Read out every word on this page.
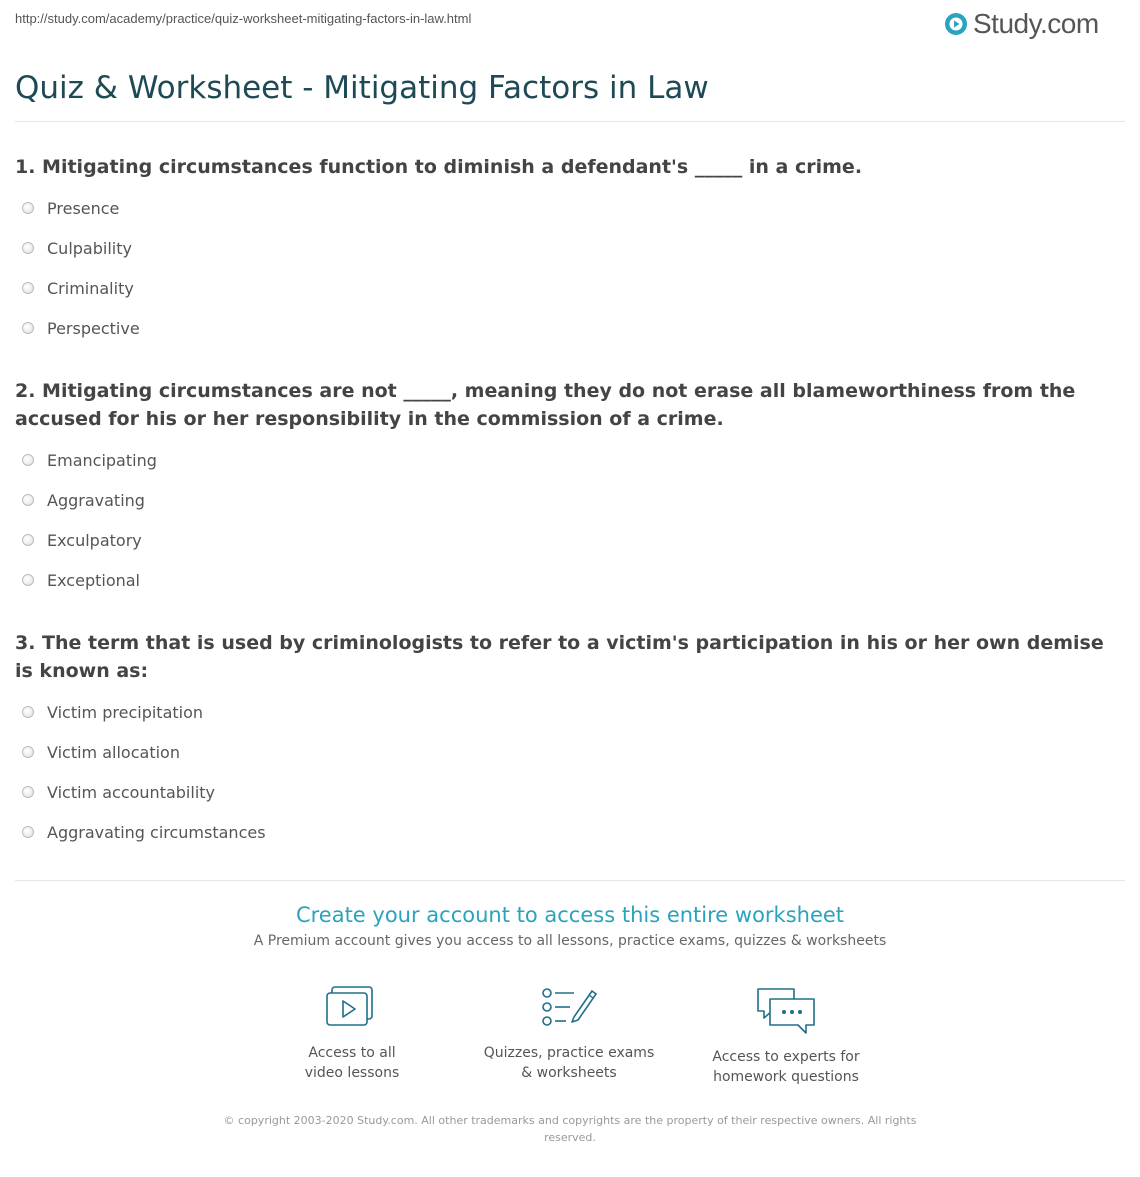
http://study.com/academy/practice/quiz-worksheet-mitigating-factors-in-law.html	Study.com
Quiz & Worksheet - Mitigating Factors in Law
1. Mitigating circumstances function to diminish a defendant's _____ in a crime.
Presence
Culpability
Criminality
Perspective
2. Mitigating circumstances are not _____, meaning they do not erase all blameworthiness from the accused for his or her responsibility in the commission of a crime.
Emancipating
Aggravating
Exculpatory
Exceptional
3. The term that is used by criminologists to refer to a victim's participation in his or her own demise is known as:
Victim precipitation
Victim allocation
Victim accountability
Aggravating circumstances
Create your account to access this entire worksheet
A Premium account gives you access to all lessons, practice exams, quizzes & worksheets
Access to all
video lessons
Quizzes, practice exams
& worksheets
Access to experts for
homework questions
© copyright 2003-2020 Study.com. All other trademarks and copyrights are the property of their respective owners. All rights reserved.
